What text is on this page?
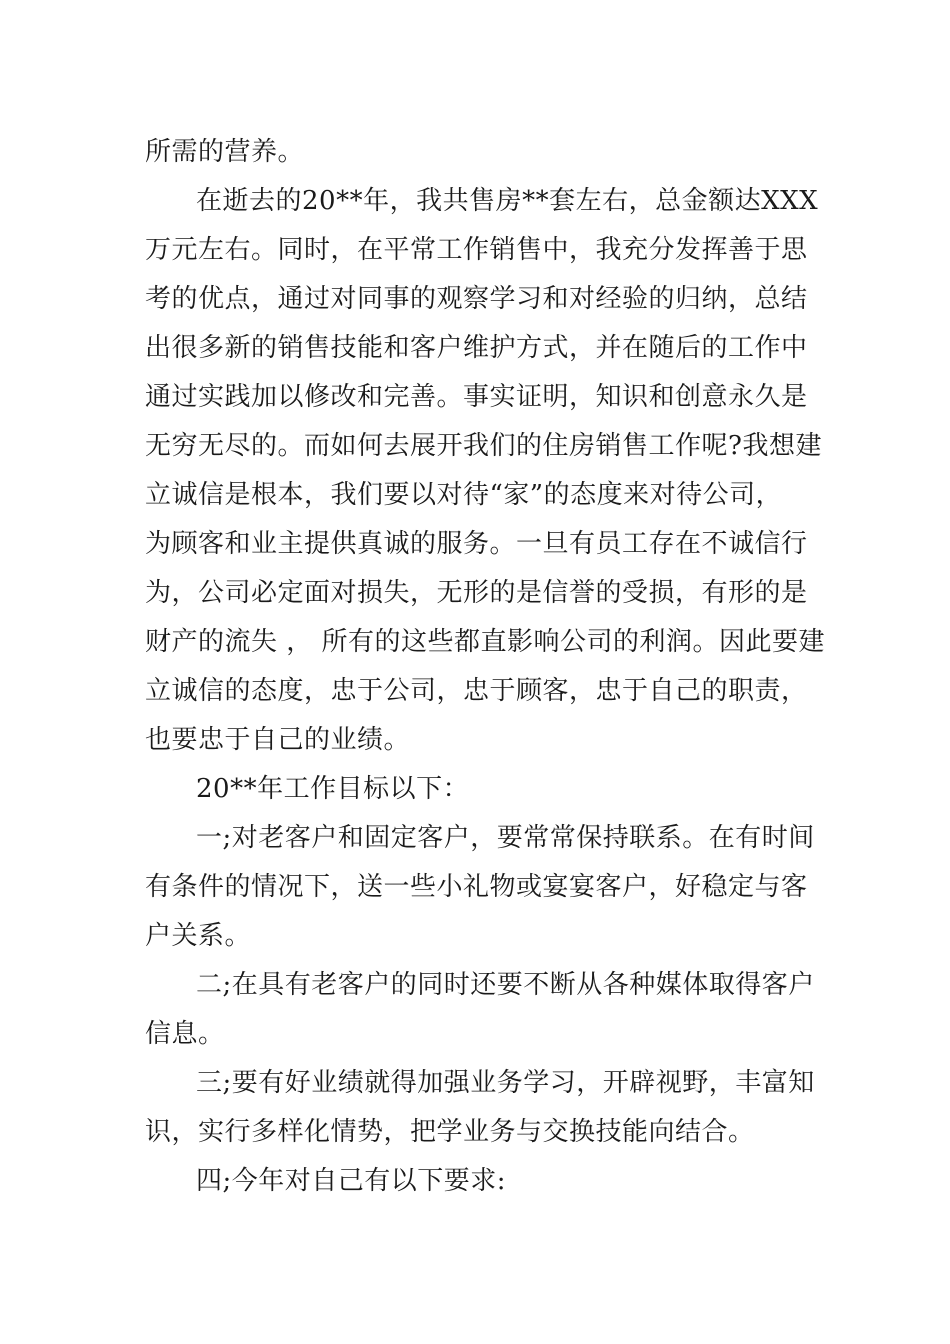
所需的营养。
在逝去的20**年，我共售房**套左右，总金额达XXX
万元左右。同时，在平常工作销售中，我充分发挥善于思
考的优点，通过对同事的观察学习和对经验的归纳，总结
出很多新的销售技能和客户维护方式，并在随后的工作中
通过实践加以修改和完善。事实证明，知识和创意永久是
无穷无尽的。而如何去展开我们的住房销售工作呢?我想建
立诚信是根本，我们要以对待“家”的态度来对待公司，
为顾客和业主提供真诚的服务。一旦有员工存在不诚信行
为，公司必定面对损失，无形的是信誉的受损，有形的是
财产的流失 ， 所有的这些都直影响公司的利润。因此要建
立诚信的态度，忠于公司，忠于顾客，忠于自己的职责，
也要忠于自己的业绩。
20**年工作目标以下：
一;对老客户和固定客户，要常常保持联系。在有时间
有条件的情况下，送一些小礼物或宴宴客户，好稳定与客
户关系。
二;在具有老客户的同时还要不断从各种媒体取得客户
信息。
三;要有好业绩就得加强业务学习，开辟视野，丰富知
识，实行多样化情势，把学业务与交换技能向结合。
四;今年对自己有以下要求:
